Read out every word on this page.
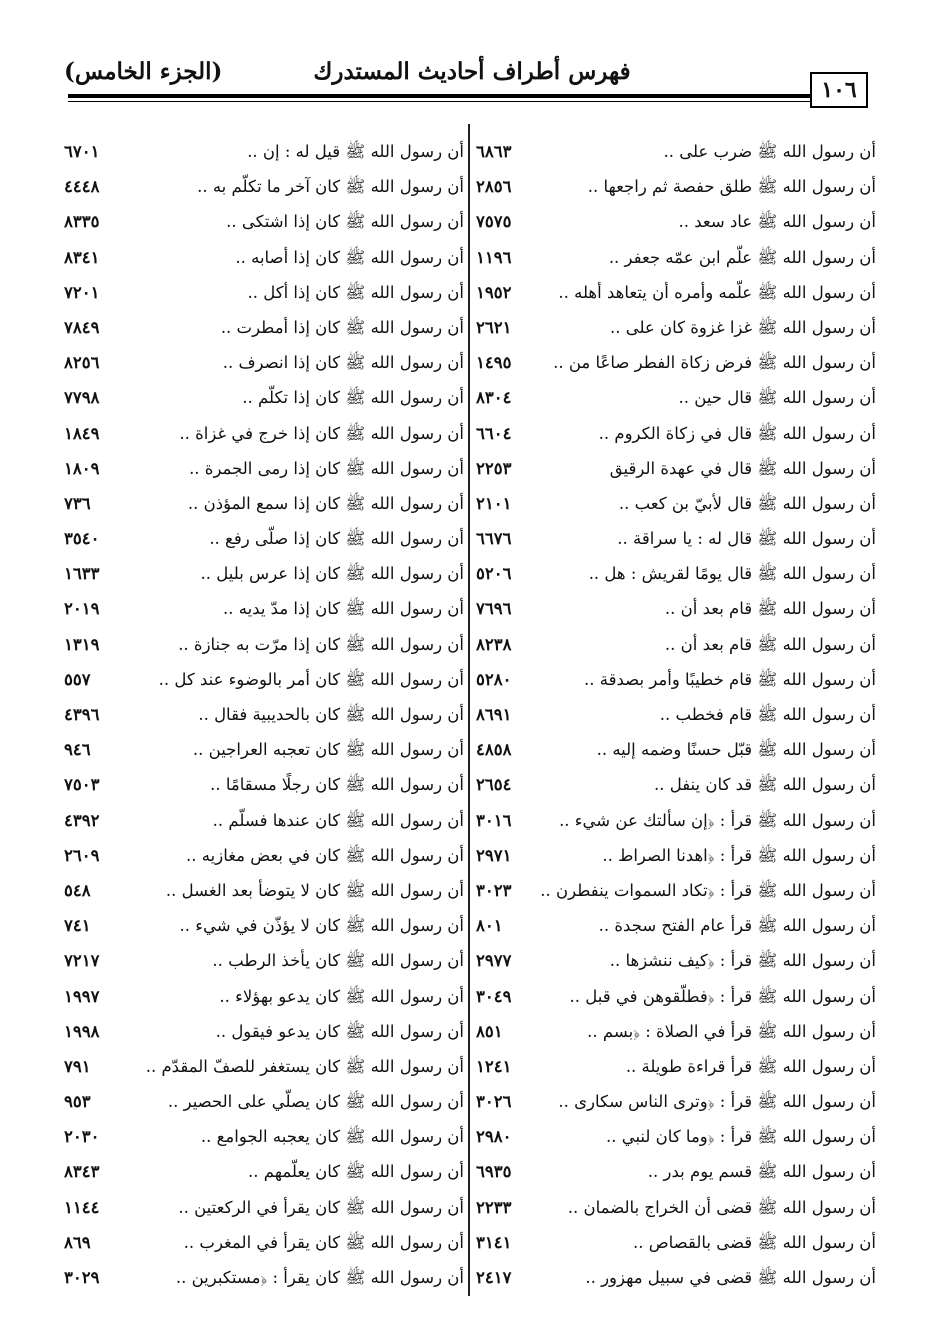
فهرس أطراف أحاديث المستدرك
(الجزء الخامس)
١٠٦
أن رسول الله ﷺ ضرب على ..
٦٨٦٣
أن رسول الله ﷺ طلق حفصة ثم راجعها ..
٢٨٥٦
أن رسول الله ﷺ عاد سعد ..
٧٥٧٥
أن رسول الله ﷺ علّم ابن عمّه جعفر ..
١١٩٦
أن رسول الله ﷺ علّمه وأمره أن يتعاهد أهله ..
١٩٥٢
أن رسول الله ﷺ غزا غزوة كان على ..
٢٦٢١
أن رسول الله ﷺ فرض زكاة الفطر صاعًا من ..
١٤٩٥
أن رسول الله ﷺ قال حين ..
٨٣٠٤
أن رسول الله ﷺ قال في زكاة الكروم ..
٦٦٠٤
أن رسول الله ﷺ قال في عهدة الرقيق
٢٢٥٣
أن رسول الله ﷺ قال لأبيّ بن كعب ..
٢١٠١
أن رسول الله ﷺ قال له : يا سراقة ..
٦٦٧٦
أن رسول الله ﷺ قال يومًا لقريش : هل ..
٥٢٠٦
أن رسول الله ﷺ قام بعد أن ..
٧٦٩٦
أن رسول الله ﷺ قام بعد أن ..
٨٢٣٨
أن رسول الله ﷺ قام خطيبًا وأمر بصدقة ..
٥٢٨٠
أن رسول الله ﷺ قام فخطب ..
٨٦٩١
أن رسول الله ﷺ قبّل حسنًا وضمه إليه ..
٤٨٥٨
أن رسول الله ﷺ قد كان ينفل ..
٢٦٥٤
أن رسول الله ﷺ قرأ : ﴿إن سألتك عن شيء ..
٣٠١٦
أن رسول الله ﷺ قرأ : ﴿اهدنا الصراط ..
٢٩٧١
أن رسول الله ﷺ قرأ : ﴿تكاد السموات ينفطرن ..
٣٠٢٣
أن رسول الله ﷺ قرأ عام الفتح سجدة ..
٨٠١
أن رسول الله ﷺ قرأ : ﴿كيف ننشزها ..
٢٩٧٧
أن رسول الله ﷺ قرأ : ﴿فطلّقوهن في قبل ..
٣٠٤٩
أن رسول الله ﷺ قرأ في الصلاة : ﴿بسم ..
٨٥١
أن رسول الله ﷺ قرأ قراءة طويلة ..
١٢٤١
أن رسول الله ﷺ قرأ : ﴿وترى الناس سكارى ..
٣٠٢٦
أن رسول الله ﷺ قرأ : ﴿وما كان لنبي ..
٢٩٨٠
أن رسول الله ﷺ قسم يوم بدر ..
٦٩٣٥
أن رسول الله ﷺ قضى أن الخراج بالضمان ..
٢٢٣٣
أن رسول الله ﷺ قضى بالقصاص ..
٣١٤١
أن رسول الله ﷺ قضى في سبيل مهزور ..
٢٤١٧
أن رسول الله ﷺ قيل له : إن ..
٦٧٠١
أن رسول الله ﷺ كان آخر ما تكلّم به ..
٤٤٤٨
أن رسول الله ﷺ كان إذا اشتكى ..
٨٣٣٥
أن رسول الله ﷺ كان إذا أصابه ..
٨٣٤١
أن رسول الله ﷺ كان إذا أكل ..
٧٢٠١
أن رسول الله ﷺ كان إذا أمطرت ..
٧٨٤٩
أن رسول الله ﷺ كان إذا انصرف ..
٨٢٥٦
أن رسول الله ﷺ كان إذا تكلّم ..
٧٧٩٨
أن رسول الله ﷺ كان إذا خرج في غزاة ..
١٨٤٩
أن رسول الله ﷺ كان إذا رمى الجمرة ..
١٨٠٩
أن رسول الله ﷺ كان إذا سمع المؤذن ..
٧٣٦
أن رسول الله ﷺ كان إذا صلّى رفع ..
٣٥٤٠
أن رسول الله ﷺ كان إذا عرس بليل ..
١٦٣٣
أن رسول الله ﷺ كان إذا مدّ يديه ..
٢٠١٩
أن رسول الله ﷺ كان إذا مرّت به جنازة ..
١٣١٩
أن رسول الله ﷺ كان أمر بالوضوء عند كل ..
٥٥٧
أن رسول الله ﷺ كان بالحديبية فقال ..
٤٣٩٦
أن رسول الله ﷺ كان تعجبه العراجين ..
٩٤٦
أن رسول الله ﷺ كان رجلًا مسقامًا ..
٧٥٠٣
أن رسول الله ﷺ كان عندها فسلّم ..
٤٣٩٢
أن رسول الله ﷺ كان في بعض مغازيه ..
٢٦٠٩
أن رسول الله ﷺ كان لا يتوضأ بعد الغسل ..
٥٤٨
أن رسول الله ﷺ كان لا يؤذّن في شيء ..
٧٤١
أن رسول الله ﷺ كان يأخذ الرطب ..
٧٢١٧
أن رسول الله ﷺ كان يدعو بهؤلاء ..
١٩٩٧
أن رسول الله ﷺ كان يدعو فيقول ..
١٩٩٨
أن رسول الله ﷺ كان يستغفر للصفّ المقدّم ..
٧٩١
أن رسول الله ﷺ كان يصلّي على الحصير ..
٩٥٣
أن رسول الله ﷺ كان يعجبه الجوامع ..
٢٠٣٠
أن رسول الله ﷺ كان يعلّمهم ..
٨٣٤٣
أن رسول الله ﷺ كان يقرأ في الركعتين ..
١١٤٤
أن رسول الله ﷺ كان يقرأ في المغرب ..
٨٦٩
أن رسول الله ﷺ كان يقرأ : ﴿مستكبرين ..
٣٠٢٩
